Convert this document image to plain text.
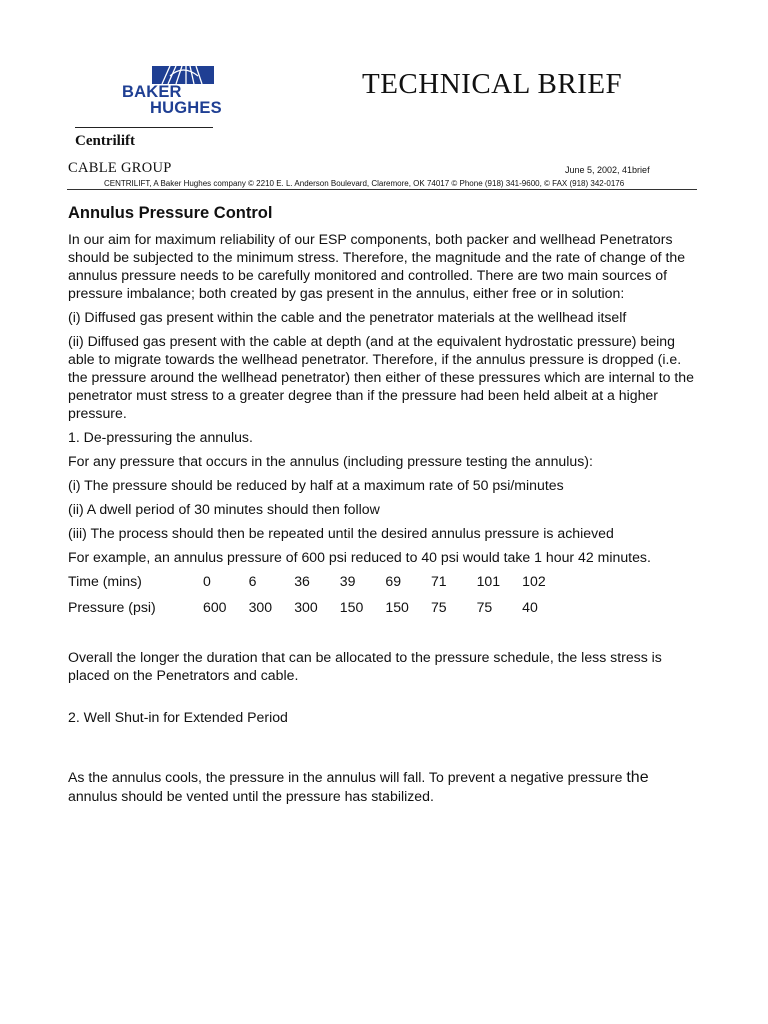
BAKER
HUGHES
Centrilift
TECHNICAL BRIEF
CABLE GROUP	June 5, 2002, 41brief
CENTRILIFT, A Baker Hughes company © 2210 E. L. Anderson Boulevard, Claremore, OK 74017 © Phone (918) 341-9600, © FAX (918) 342-0176
Annulus Pressure Control

In our aim for maximum reliability of our ESP components, both packer and wellhead Penetrators should be subjected to the minimum stress. Therefore, the magnitude and the rate of change of the annulus pressure needs to be carefully monitored and controlled. There are two main sources of pressure imbalance; both created by gas present in the annulus, either free or in solution:

(i) Diffused gas present within the cable and the penetrator materials at the wellhead itself

(ii) Diffused gas present with the cable at depth (and at the equivalent hydrostatic pressure) being able to migrate towards the wellhead penetrator. Therefore, if the annulus pressure is dropped (i.e. the pressure around the wellhead penetrator) then either of these pressures which are internal to the penetrator must stress to a greater degree than if the pressure had been held albeit at a higher pressure.

1. De-pressuring the annulus.

For any pressure that occurs in the annulus (including pressure testing the annulus):

(i) The pressure should be reduced by half at a maximum rate of 50 psi/minutes

(ii) A dwell period of 30 minutes should then follow

(iii) The process should then be repeated until the desired annulus pressure is achieved

For example, an annulus pressure of 600 psi reduced to 40 psi would take 1 hour 42 minutes.

Time (mins)	0	6	36	39	69	71	101	102
Pressure (psi)	600	300	300	150	150	75	75	40

Overall the longer the duration that can be allocated to the pressure schedule, the less stress is placed on the Penetrators and cable.

2. Well Shut-in for Extended Period

As the annulus cools, the pressure in the annulus will fall. To prevent a negative pressure the
annulus should be vented until the pressure has stabilized.
